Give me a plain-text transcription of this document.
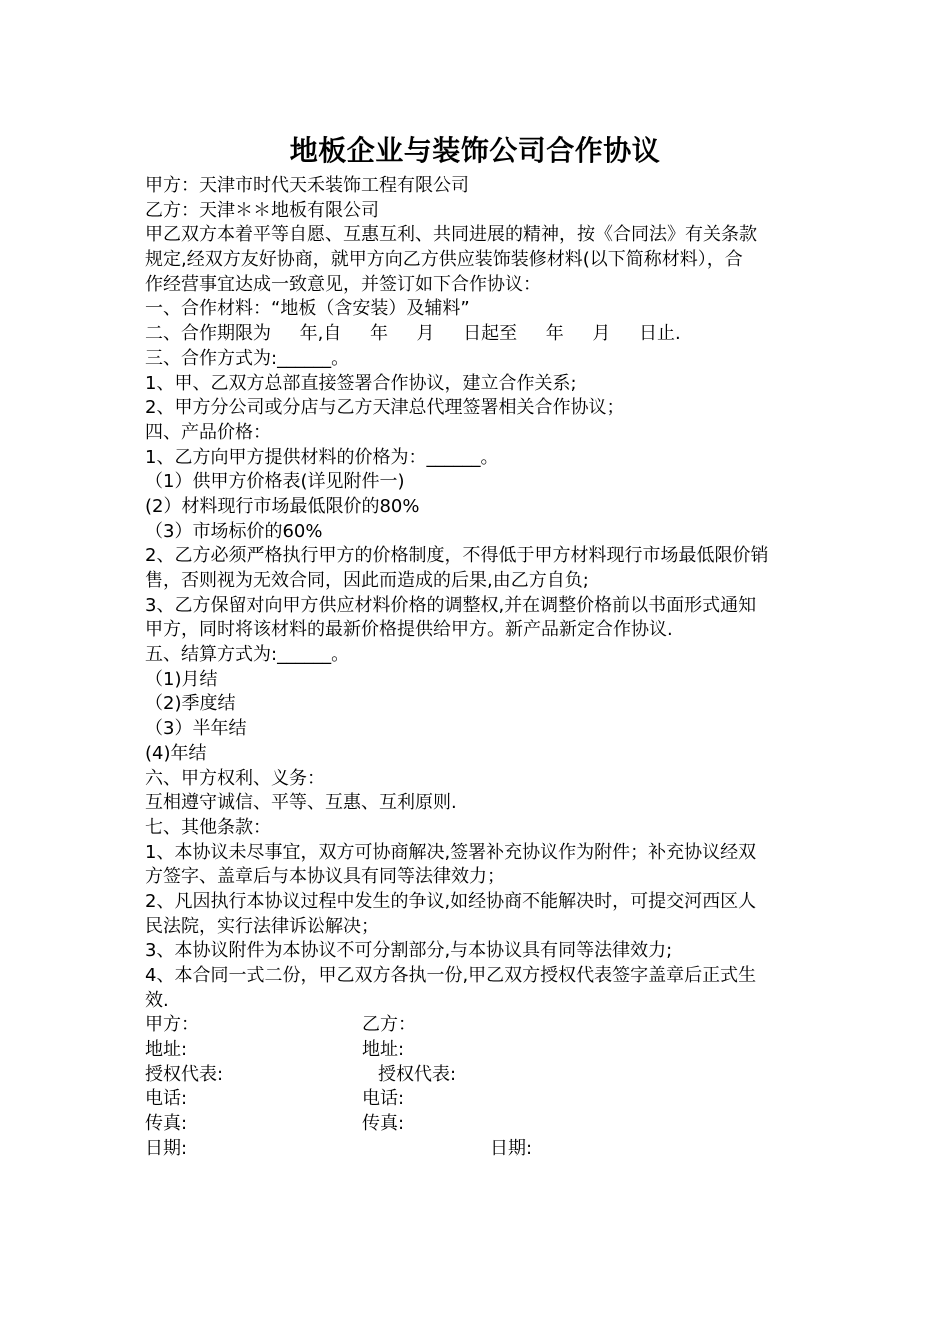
地板企业与装饰公司合作协议
甲方：天津市时代天禾装饰工程有限公司
乙方：天津＊＊地板有限公司
甲乙双方本着平等自愿、互惠互利、共同进展的精神，按《合同法》有关条款
规定,经双方友好协商，就甲方向乙方供应装饰装修材料(以下简称材料），合
作经营事宜达成一致意见，并签订如下合作协议：
一、合作材料：“地板（含安装）及辅料”
二、合作期限为     年,自     年     月     日起至     年     月     日止.
三、合作方式为:______。
1、甲、乙双方总部直接签署合作协议，建立合作关系;
2、甲方分公司或分店与乙方天津总代理签署相关合作协议；
四、产品价格：
1、乙方向甲方提供材料的价格为：______。
（1）供甲方价格表(详见附件一)
(2）材料现行市场最低限价的80%
（3）市场标价的60%
2、乙方必须严格执行甲方的价格制度，不得低于甲方材料现行市场最低限价销
售，否则视为无效合同，因此而造成的后果,由乙方自负;
3、乙方保留对向甲方供应材料价格的调整权,并在调整价格前以书面形式通知
甲方，同时将该材料的最新价格提供给甲方。新产品新定合作协议.
五、结算方式为:______。
（1)月结
（2)季度结
（3）半年结
(4)年结
六、甲方权利、义务：
互相遵守诚信、平等、互惠、互利原则.
七、其他条款：
1、本协议未尽事宜，双方可协商解决,签署补充协议作为附件；补充协议经双
方签字、盖章后与本协议具有同等法律效力；
2、凡因执行本协议过程中发生的争议,如经协商不能解决时，可提交河西区人
民法院，实行法律诉讼解决；
3、本协议附件为本协议不可分割部分,与本协议具有同等法律效力;
4、本合同一式二份，甲乙双方各执一份,甲乙双方授权代表签字盖章后正式生
效.
甲方：	乙方：
地址:	地址:
授权代表:	授权代表:
电话:	电话:
传真:	传真:
日期:	日期:
